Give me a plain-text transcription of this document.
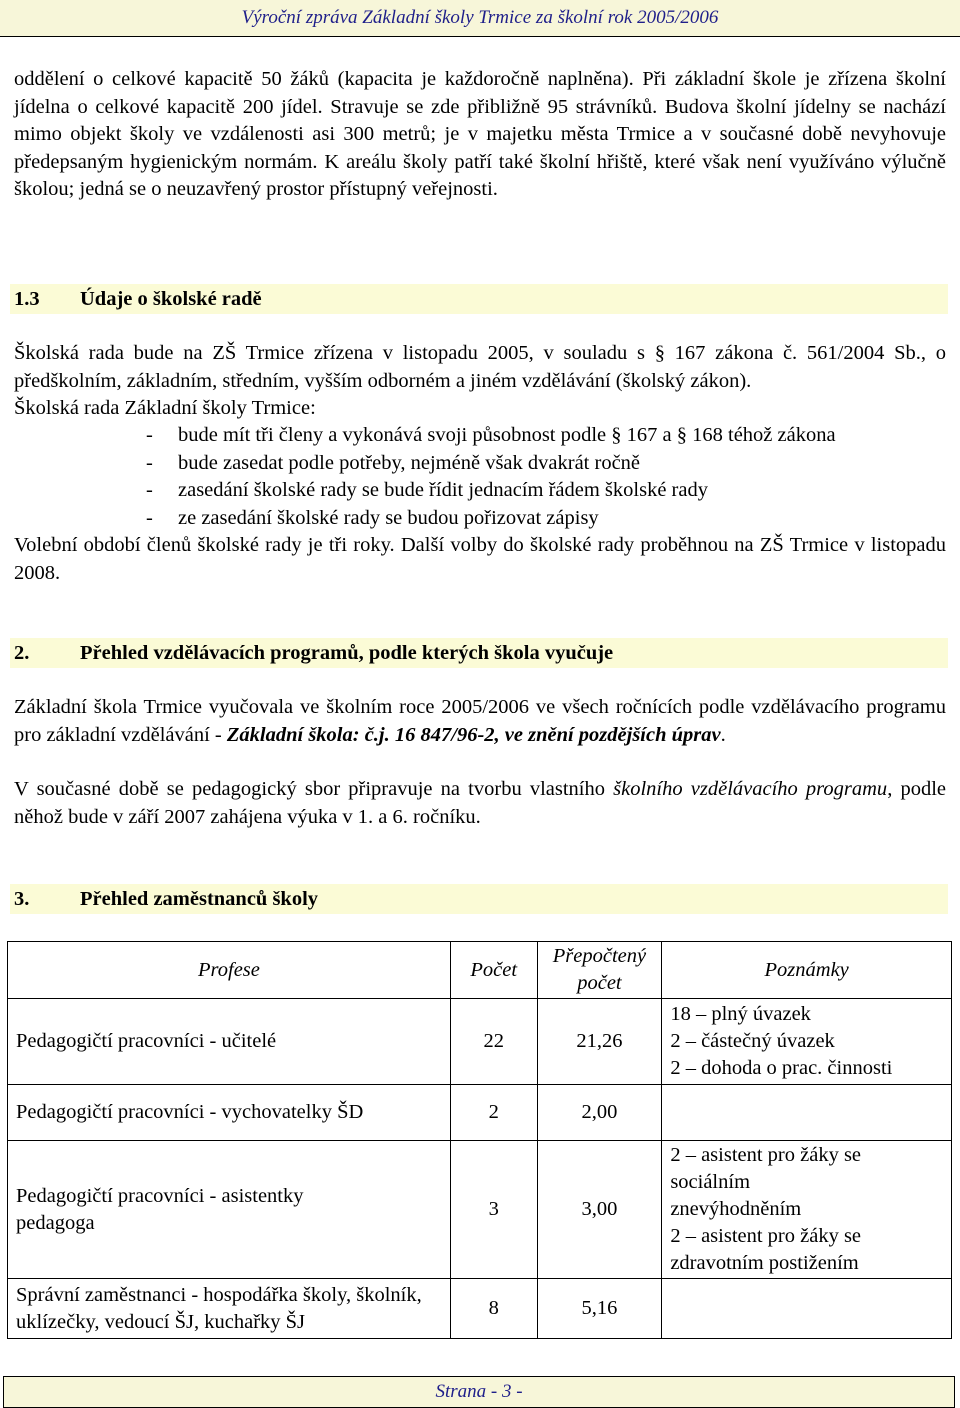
Výroční zpráva Základní školy Trmice za školní rok 2005/2006

oddělení o celkové kapacitě 50 žáků (kapacita je každoročně naplněna). Při základní škole je zřízena školní jídelna o celkové kapacitě 200 jídel. Stravuje se zde přibližně 95 strávníků. Budova školní jídelny se nachází mimo objekt školy ve vzdálenosti asi 300 metrů; je v majetku města Trmice a v současné době nevyhovuje předepsaným hygienickým normám. K areálu školy patří také školní hřiště, které však není využíváno výlučně školou; jedná se o neuzavřený prostor přístupný veřejnosti.

1.3 Údaje o školské radě

Školská rada bude na ZŠ Trmice zřízena v listopadu 2005, v souladu s § 167 zákona č. 561/2004 Sb., o předškolním, základním, středním, vyšším odborném a jiném vzdělávání (školský zákon).

Školská rada Základní školy Trmice:

- bude mít tři členy a vykonává svoji působnost podle § 167 a § 168 téhož zákona
- bude zasedat podle potřeby, nejméně však dvakrát ročně
- zasedání školské rady se bude řídit jednacím řádem školské rady
- ze zasedání školské rady se budou pořizovat zápisy

Volební období členů školské rady je tři roky. Další volby do školské rady proběhnou na ZŠ Trmice v listopadu 2008.

2. Přehled vzdělávacích programů, podle kterých škola vyučuje

Základní škola Trmice vyučovala ve školním roce 2005/2006 ve všech ročnících podle vzdělávacího programu pro základní vzdělávání - Základní škola: č.j. 16 847/96-2, ve znění pozdějších úprav.

V současné době se pedagogický sbor připravuje na tvorbu vlastního školního vzdělávacího programu, podle něhož bude v září 2007 zahájena výuka v 1. a 6. ročníku.

3. Přehled zaměstnanců školy
Profese	Počet	Přepočtený počet	Poznámky
Pedagogičtí pracovníci - učitelé	22	21,26	18 – plný úvazek
2 – částečný úvazek
2 – dohoda o prac. činnosti

Pedagogičtí pracovníci - vychovatelky ŠD	2	2,00	

Pedagogičtí pracovníci - asistentky pedagoga	3	3,00	2 – asistent pro žáky se sociálním znevýhodněním
2 – asistent pro žáky se zdravotním postižením

Správní zaměstnanci - hospodářka školy, školník, uklízečky, vedoucí ŠJ, kuchařky ŠJ	8	5,16	
Strana - 3 -
